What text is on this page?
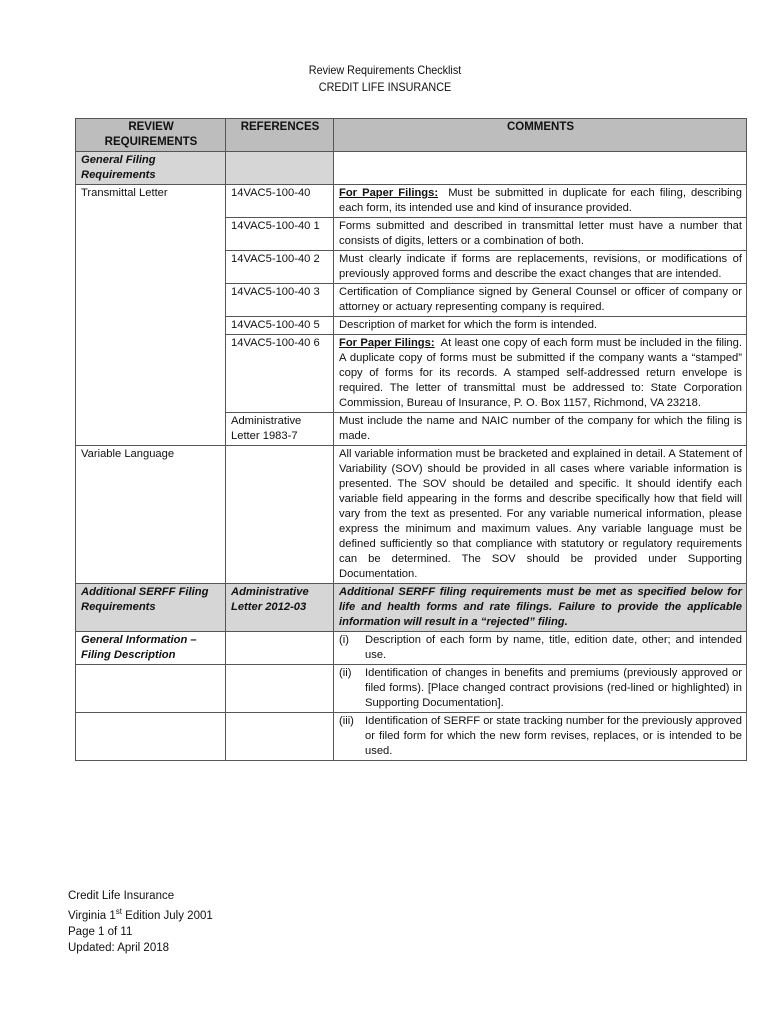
Review Requirements Checklist
CREDIT LIFE INSURANCE
REVIEW REQUIREMENTS	REFERENCES	COMMENTS
General Filing Requirements		
Transmittal Letter	14VAC5-100-40	For Paper Filings: Must be submitted in duplicate for each filing, describing each form, its intended use and kind of insurance provided.
	14VAC5-100-40 1	Forms submitted and described in transmittal letter must have a number that consists of digits, letters or a combination of both.
	14VAC5-100-40 2	Must clearly indicate if forms are replacements, revisions, or modifications of previously approved forms and describe the exact changes that are intended.
	14VAC5-100-40 3	Certification of Compliance signed by General Counsel or officer of company or attorney or actuary representing company is required.
	14VAC5-100-40 5	Description of market for which the form is intended.
	14VAC5-100-40 6	For Paper Filings: At least one copy of each form must be included in the filing. A duplicate copy of forms must be submitted if the company wants a “stamped” copy of forms for its records. A stamped self-addressed return envelope is required. The letter of transmittal must be addressed to: State Corporation Commission, Bureau of Insurance, P. O. Box 1157, Richmond, VA 23218.
	Administrative Letter 1983-7	Must include the name and NAIC number of the company for which the filing is made.
Variable Language		All variable information must be bracketed and explained in detail. A Statement of Variability (SOV) should be provided in all cases where variable information is presented. The SOV should be detailed and specific. It should identify each variable field appearing in the forms and describe specifically how that field will vary from the text as presented. For any variable numerical information, please express the minimum and maximum values. Any variable language must be defined sufficiently so that compliance with statutory or regulatory requirements can be determined. The SOV should be provided under Supporting Documentation.
Additional SERFF Filing Requirements	Administrative Letter 2012-03	Additional SERFF filing requirements must be met as specified below for life and health forms and rate filings. Failure to provide the applicable information will result in a “rejected” filing.
General Information – Filing Description		(i) Description of each form by name, title, edition date, other; and intended use.

		(ii) Identification of changes in benefits and premiums (previously approved or filed forms). [Place changed contract provisions (red-lined or highlighted) in Supporting Documentation].

		(iii) Identification of SERFF or state tracking number for the previously approved or filed form for which the new form revises, replaces, or is intended to be used.
Credit Life Insurance
Virginia 1st Edition July 2001
Page 1 of 11
Updated: April 2018
